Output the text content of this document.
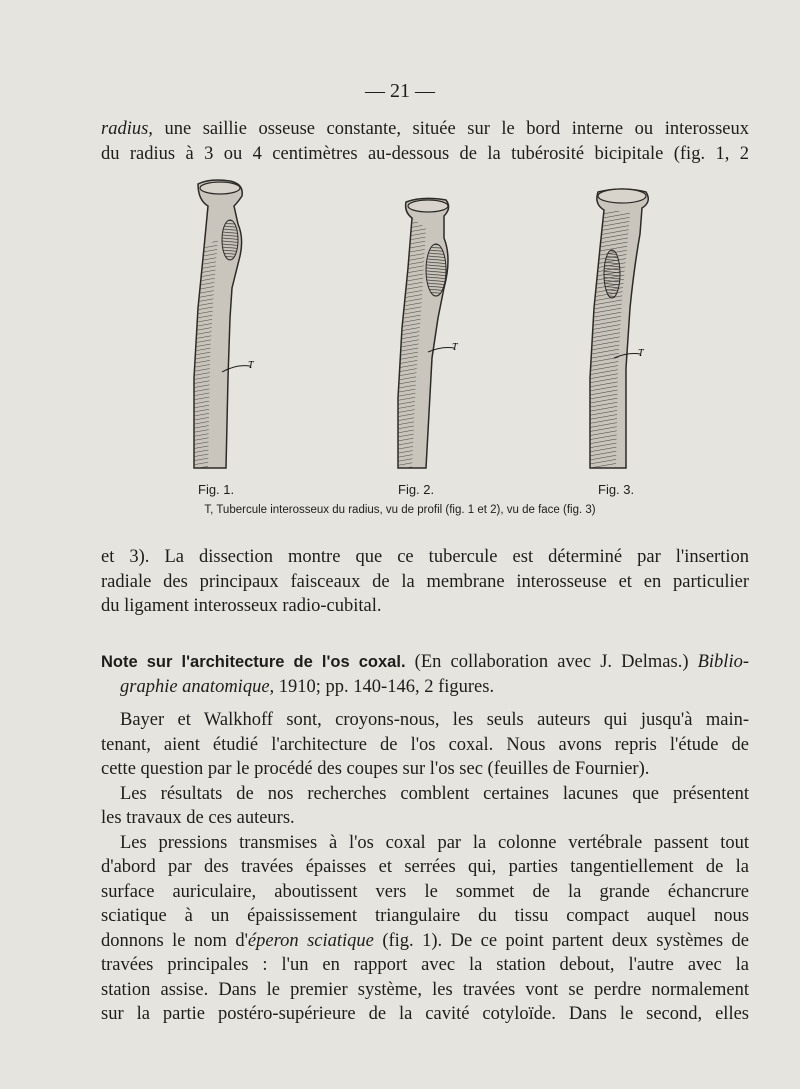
— 21 —
radius, une saillie osseuse constante, située sur le bord interne ou interosseux
du radius à 3 ou 4 centimètres au-dessous de la tubérosité bicipitale (fig. 1, 2
T
T
T
Fig. 1.	Fig. 2.	Fig. 3.
T, Tubercule interosseux du radius, vu de profil (fig. 1 et 2), vu de face (fig. 3)
et 3). La dissection montre que ce tubercule est déterminé par l'insertion
radiale des principaux faisceaux de la membrane interosseuse et en particulier
du ligament interosseux radio-cubital.
Note sur l'architecture de l'os coxal. (En collaboration avec J. Delmas.) Biblio-
graphie anatomique, 1910; pp. 140-146, 2 figures.

Bayer et Walkhoff sont, croyons-nous, les seuls auteurs qui jusqu'à main-
tenant, aient étudié l'architecture de l'os coxal. Nous avons repris l'étude de
cette question par le procédé des coupes sur l'os sec (feuilles de Fournier).

Les résultats de nos recherches comblent certaines lacunes que présentent
les travaux de ces auteurs.

Les pressions transmises à l'os coxal par la colonne vertébrale passent tout
d'abord par des travées épaisses et serrées qui, parties tangentiellement de la
surface auriculaire, aboutissent vers le sommet de la grande échancrure
sciatique à un épaississement triangulaire du tissu compact auquel nous
donnons le nom d'éperon sciatique (fig. 1). De ce point partent deux systèmes de
travées principales : l'un en rapport avec la station debout, l'autre avec la
station assise. Dans le premier système, les travées vont se perdre normalement
sur la partie postéro-supérieure de la cavité cotyloïde. Dans le second, elles
